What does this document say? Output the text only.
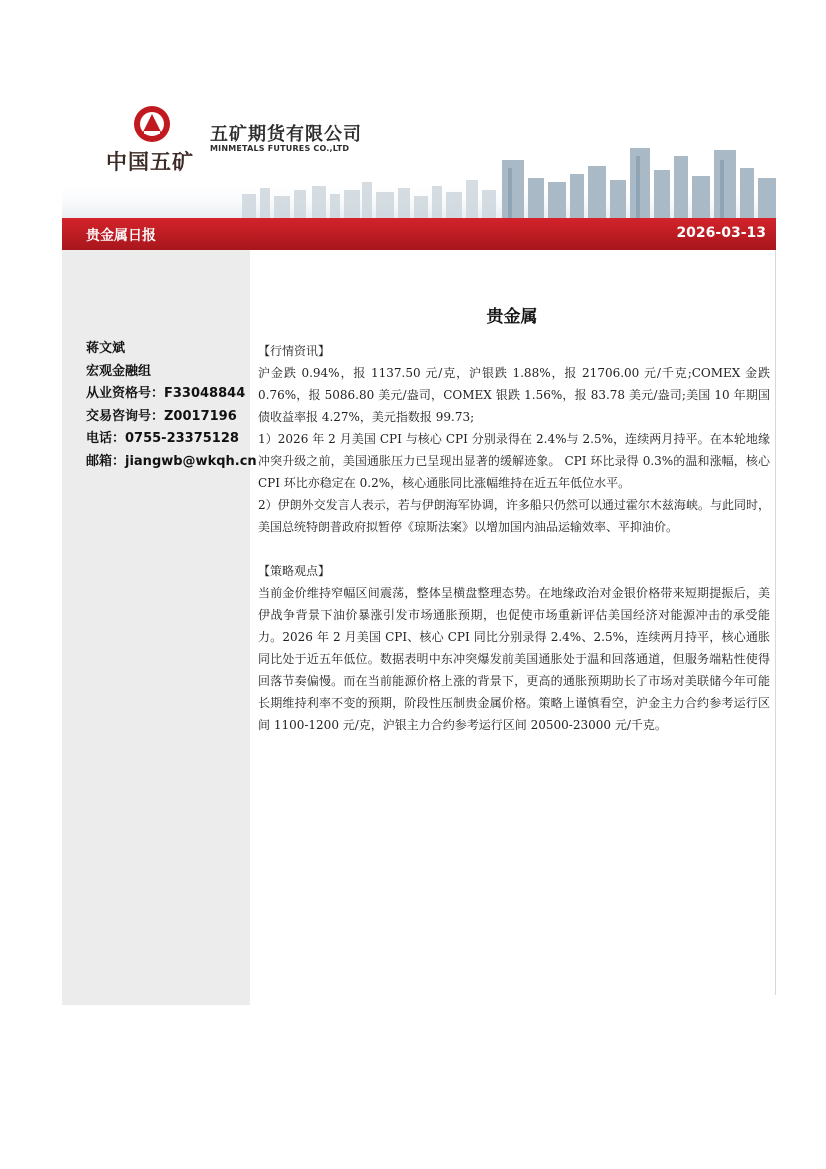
中国五矿
五矿期货有限公司
MINMETALS FUTURES CO.,LTD
贵金属日报	2026-03-13
蒋文斌
宏观金融组
从业资格号：F33048844
交易咨询号：Z0017196
电话：0755-23375128
邮箱：jiangwb@wkqh.cn
贵金属

【行情资讯】

沪金跌 0.94%，报 1137.50 元/克，沪银跌 1.88%，报 21706.00 元/千克;COMEX 金跌 0.76%，报 5086.80 美元/盎司，COMEX 银跌 1.56%，报 83.78 美元/盎司;美国 10 年期国债收益率报 4.27%，美元指数报 99.73;

1）2026 年 2 月美国 CPI 与核心 CPI 分别录得在 2.4%与 2.5%，连续两月持平。在本轮地缘冲突升级之前，美国通胀压力已呈现出显著的缓解迹象。 CPI 环比录得 0.3%的温和涨幅，核心 CPI 环比亦稳定在 0.2%，核心通胀同比涨幅维持在近五年低位水平。

2）伊朗外交发言人表示，若与伊朗海军协调，许多船只仍然可以通过霍尔木兹海峡。与此同时，美国总统特朗普政府拟暂停《琼斯法案》以增加国内油品运输效率、平抑油价。

【策略观点】

当前金价维持窄幅区间震荡，整体呈横盘整理态势。在地缘政治对金银价格带来短期提振后，美伊战争背景下油价暴涨引发市场通胀预期，也促使市场重新评估美国经济对能源冲击的承受能力。2026 年 2 月美国 CPI、核心 CPI 同比分别录得 2.4%、2.5%，连续两月持平，核心通胀同比处于近五年低位。数据表明中东冲突爆发前美国通胀处于温和回落通道，但服务端粘性使得回落节奏偏慢。而在当前能源价格上涨的背景下，更高的通胀预期助长了市场对美联储今年可能长期维持利率不变的预期，阶段性压制贵金属价格。策略上谨慎看空，沪金主力合约参考运行区间 1100-1200 元/克，沪银主力合约参考运行区间 20500-23000 元/千克。
